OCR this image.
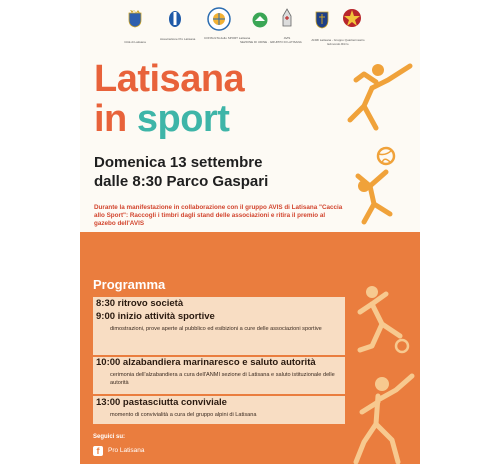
Città di Latisana
Associazione Pro Latisana	CONSULTA dello SPORT Latisana
SEZIONE DI UDINE · GRUPPO DI LATISANA
AVIS	ANMI Latisana - Gruppo Quartiermastro Edmondo Rizzo
Latisana
in sport
Domenica 13 settembre
dalle 8:30 Parco Gaspari
Durante la manifestazione in collaborazione con il gruppo AVIS di Latisana "Caccia allo Sport": Raccogli i timbri dagli stand delle associazioni e ritira il premio al gazebo dell'AVIS
Programma
8:30 ritrovo società
9:00 inizio attività sportive
dimostrazioni, prove aperte al pubblico ed esibizioni a cure delle associazioni sportive
10:00 alzabandiera marinaresco e saluto autorità
cerimonia dell'alzabandiera a cura dell'ANMI sezione di Latisana e saluto istituzionale delle autorità
13:00 pastasciutta conviviale
momento di convivialità a cura del gruppo alpini di Latisana
Seguici su:
f	Pro Latisana
